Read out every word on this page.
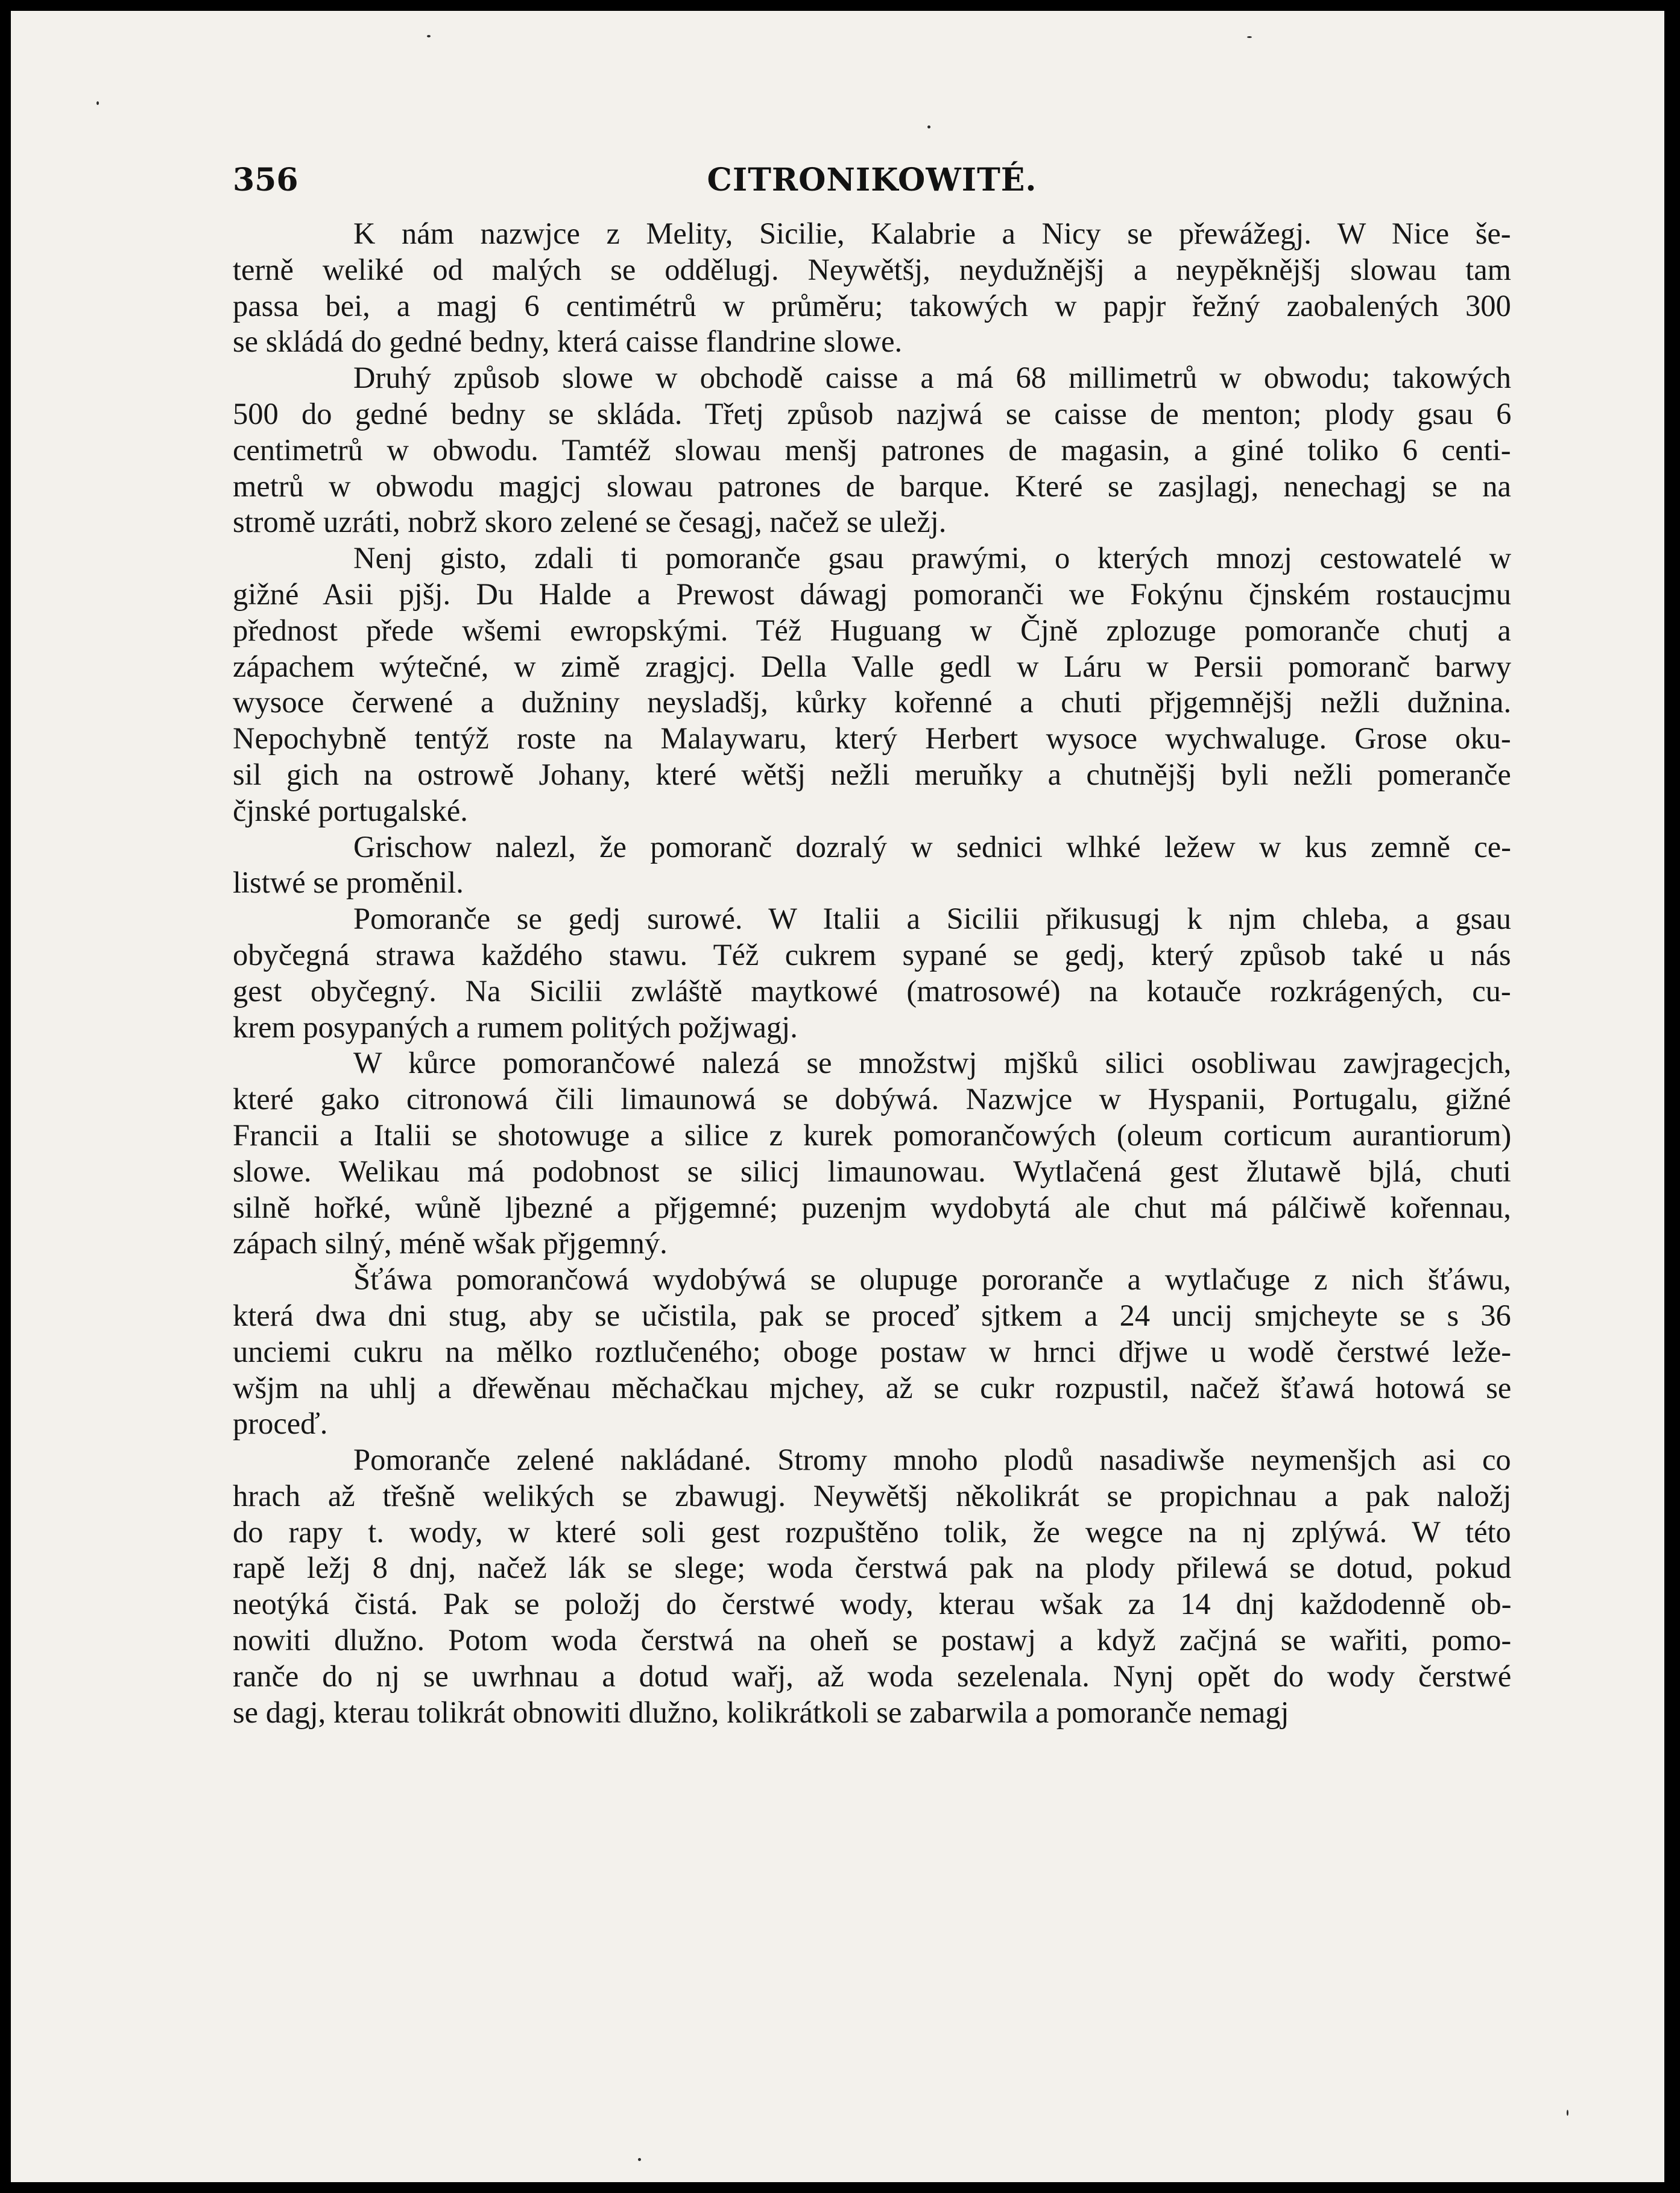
356	CITRONIKOWITÉ.

K nám nazwjce z Melity, Sicilie, Kalabrie a Nicy se přewážegj. W Nice še-
terně weliké od malých se oddělugj. Neywětšj, neydužnějšj a neypěknějšj slowau tam
passa bei, a magj 6 centimétrů w průměru; takowých w papjr řežný zaobalených 300
se skládá do gedné bedny, která caisse flandrine slowe.

Druhý způsob slowe w obchodě caisse a má 68 millimetrů w obwodu; takowých
500 do gedné bedny se skláda. Třetj způsob nazjwá se caisse de menton; plody gsau 6
centimetrů w obwodu. Tamtéž slowau menšj patrones de magasin, a giné toliko 6 centi-
metrů w obwodu magjcj slowau patrones de barque. Které se zasjlagj, nenechagj se na
stromě uzráti, nobrž skoro zelené se česagj, načež se uležj.

Nenj gisto, zdali ti pomoranče gsau prawými, o kterých mnozj cestowatelé w
gižné Asii pjšj. Du Halde a Prewost dáwagj pomoranči we Fokýnu čjnském rostaucjmu
přednost přede wšemi ewropskými. Též Huguang w Čjně zplozuge pomoranče chutj a
zápachem wýtečné, w zimě zragjcj. Della Valle gedl w Láru w Persii pomoranč barwy
wysoce čerwené a dužniny neysladšj, kůrky kořenné a chuti přjgemnějšj nežli dužnina.
Nepochybně tentýž roste na Malaywaru, který Herbert wysoce wychwaluge. Grose oku-
sil gich na ostrowě Johany, které wětšj nežli meruňky a chutnějšj byli nežli pomeranče
čjnské portugalské.

Grischow nalezl, že pomoranč dozralý w sednici wlhké ležew w kus zemně ce-
listwé se proměnil.

Pomoranče se gedj surowé. W Italii a Sicilii přikusugj k njm chleba, a gsau
obyčegná strawa každého stawu. Též cukrem sypané se gedj, který způsob také u nás
gest obyčegný. Na Sicilii zwláště maytkowé (matrosowé) na kotauče rozkrágených, cu-
krem posypaných a rumem politých požjwagj.

W kůrce pomorančowé nalezá se množstwj mjšků silici osobliwau zawjragecjch,
které gako citronowá čili limaunowá se dobýwá. Nazwjce w Hyspanii, Portugalu, gižné
Francii a Italii se shotowuge a silice z kurek pomorančowých (oleum corticum aurantiorum)
slowe. Welikau má podobnost se silicj limaunowau. Wytlačená gest žlutawě bjlá, chuti
silně hořké, wůně ljbezné a přjgemné; puzenjm wydobytá ale chut má pálčiwě kořennau,
zápach silný, méně wšak přjgemný.

Šťáwa pomorančowá wydobýwá se olupuge pororanče a wytlačuge z nich šťáwu,
která dwa dni stug, aby se učistila, pak se proceď sjtkem a 24 uncij smjcheyte se s 36
unciemi cukru na mělko roztlučeného; oboge postaw w hrnci dřjwe u wodě čerstwé leže-
wšjm na uhlj a dřewěnau měchačkau mjchey, až se cukr rozpustil, načež šťawá hotowá se
proceď.

Pomoranče zelené nakládané. Stromy mnoho plodů nasadiwše neymenšjch asi co
hrach až třešně welikých se zbawugj. Neywětšj několikrát se propichnau a pak naložj
do rapy t. wody, w které soli gest rozpuštěno tolik, že wegce na nj zplýwá. W této
rapě ležj 8 dnj, načež lák se slege; woda čerstwá pak na plody přilewá se dotud, pokud
neotýká čistá. Pak se položj do čerstwé wody, kterau wšak za 14 dnj každodenně ob-
nowiti dlužno. Potom woda čerstwá na oheň se postawj a když začjná se wařiti, pomo-
ranče do nj se uwrhnau a dotud wařj, až woda sezelenala. Nynj opět do wody čerstwé
se dagj, kterau tolikrát obnowiti dlužno, kolikrátkoli se zabarwila a pomoranče nemagj
